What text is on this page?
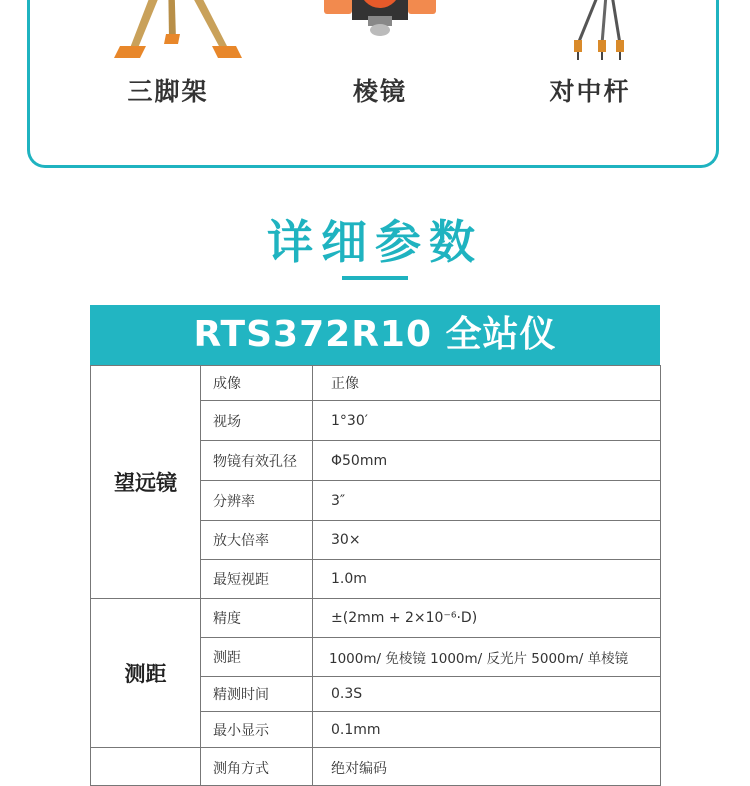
三脚架	棱镜	对中杆
详细参数
RTS372R10 全站仪
望远镜	成像	正像
	视场	1°30′
	物镜有效孔径	Φ50mm
	分辨率	3″
	放大倍率	30×
	最短视距	1.0m
测距	精度	±(2mm + 2×10⁻⁶·D)
	测距	1000m/ 免棱镜 1000m/ 反光片 5000m/ 单棱镜
	精测时间	0.3S
	最小显示	0.1mm
	测角方式	绝对编码
